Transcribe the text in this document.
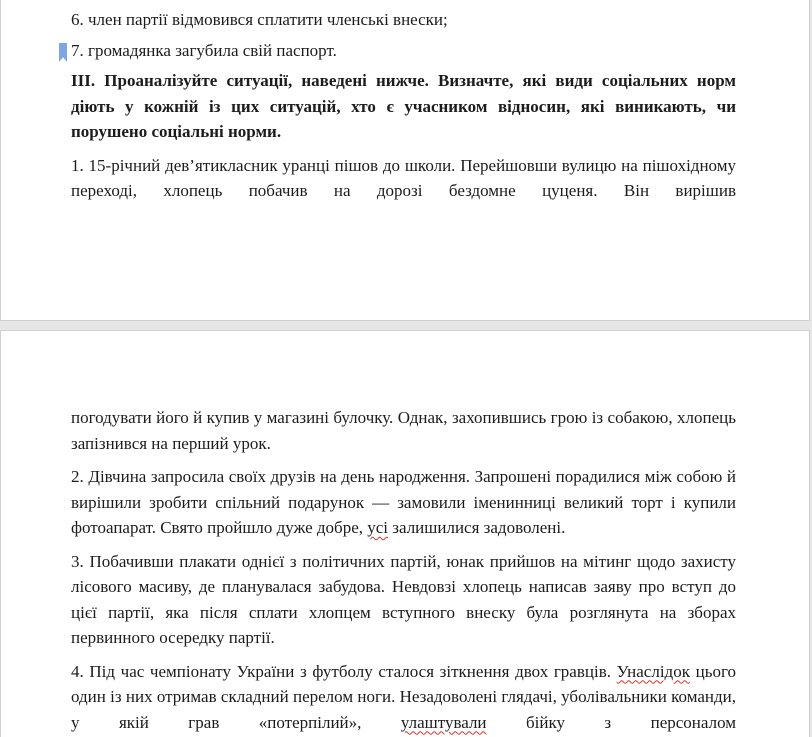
6. член партії відмовився сплатити членські внески;

7. громадянка загубила свій паспорт.

III. Проаналізуйте ситуації, наведені нижче. Визначте, які види соціальних норм діють у кожній із цих ситуацій, хто є учасником відносин, які виникають, чи порушено соціальні норми.

1. 15-річний дев’ятикласник уранці пішов до школи. Перейшовши вулицю на пішохідному переході, хлопець побачив на дорозі бездомне цуценя. Він вирішив

погодувати його й купив у магазині булочку. Однак, захопившись грою із собакою, хлопець запізнився на перший урок.

2. Дівчина запросила своїх друзів на день народження. Запрошені порадилися між собою й вирішили зробити спільний подарунок — замовили іменинниці великий торт і купили фотоапарат. Свято пройшло дуже добре, усі залишилися задоволені.

3. Побачивши плакати однієї з політичних партій, юнак прийшов на мітинг щодо захисту лісового масиву, де планувалася забудова. Невдовзі хлопець написав заяву про вступ до цієї партії, яка після сплати хлопцем вступного внеску була розглянута на зборах первинного осередку партії.

4. Під час чемпіонату України з футболу сталося зіткнення двох гравців. Унаслідок цього один із них отримав складний перелом ноги. Незадоволені глядачі, уболівальники команди, у якій грав «потерпілий», улаштували бійку з персоналом
